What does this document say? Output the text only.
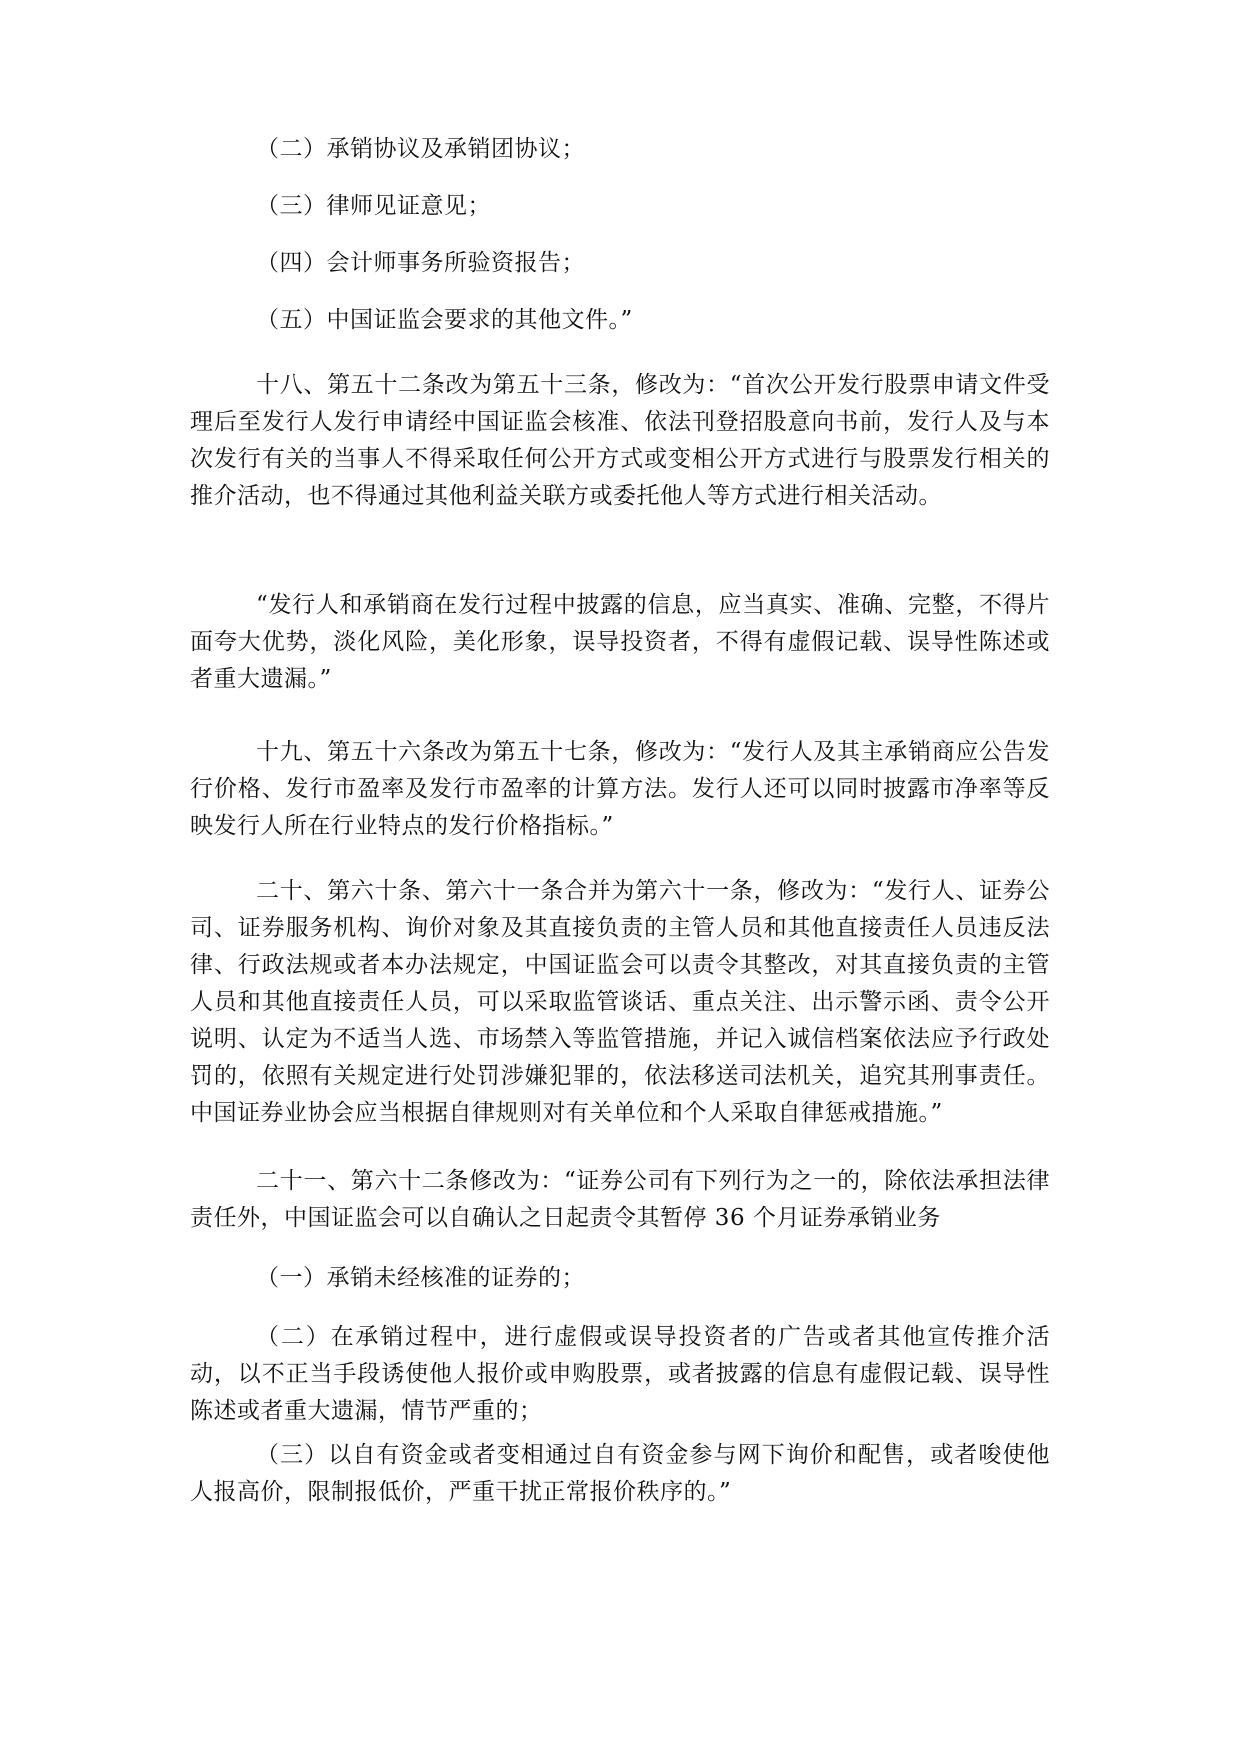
（二）承销协议及承销团协议；
（三）律师见证意见；
（四）会计师事务所验资报告；
（五）中国证监会要求的其他文件。”
十八、第五十二条改为第五十三条，修改为：“首次公开发行股票申请文件受理后至发行人发行申请经中国证监会核准、依法刊登招股意向书前，发行人及与本次发行有关的当事人不得采取任何公开方式或变相公开方式进行与股票发行相关的推介活动，也不得通过其他利益关联方或委托他人等方式进行相关活动。
“发行人和承销商在发行过程中披露的信息，应当真实、准确、完整，不得片面夸大优势，淡化风险，美化形象，误导投资者，不得有虚假记载、误导性陈述或者重大遗漏。”
十九、第五十六条改为第五十七条，修改为：“发行人及其主承销商应公告发行价格、发行市盈率及发行市盈率的计算方法。发行人还可以同时披露市净率等反映发行人所在行业特点的发行价格指标。”
二十、第六十条、第六十一条合并为第六十一条，修改为：“发行人、证券公司、证券服务机构、询价对象及其直接负责的主管人员和其他直接责任人员违反法律、行政法规或者本办法规定，中国证监会可以责令其整改，对其直接负责的主管人员和其他直接责任人员，可以采取监管谈话、重点关注、出示警示函、责令公开说明、认定为不适当人选、市场禁入等监管措施，并记入诚信档案依法应予行政处罚的，依照有关规定进行处罚涉嫌犯罪的，依法移送司法机关，追究其刑事责任。中国证券业协会应当根据自律规则对有关单位和个人采取自律惩戒措施。”
二十一、第六十二条修改为：“证券公司有下列行为之一的，除依法承担法律责任外，中国证监会可以自确认之日起责令其暂停 36 个月证券承销业务
（一）承销未经核准的证券的；
（二）在承销过程中，进行虚假或误导投资者的广告或者其他宣传推介活动，以不正当手段诱使他人报价或申购股票，或者披露的信息有虚假记载、误导性陈述或者重大遗漏，情节严重的；
（三）以自有资金或者变相通过自有资金参与网下询价和配售，或者唆使他人报高价，限制报低价，严重干扰正常报价秩序的。”
